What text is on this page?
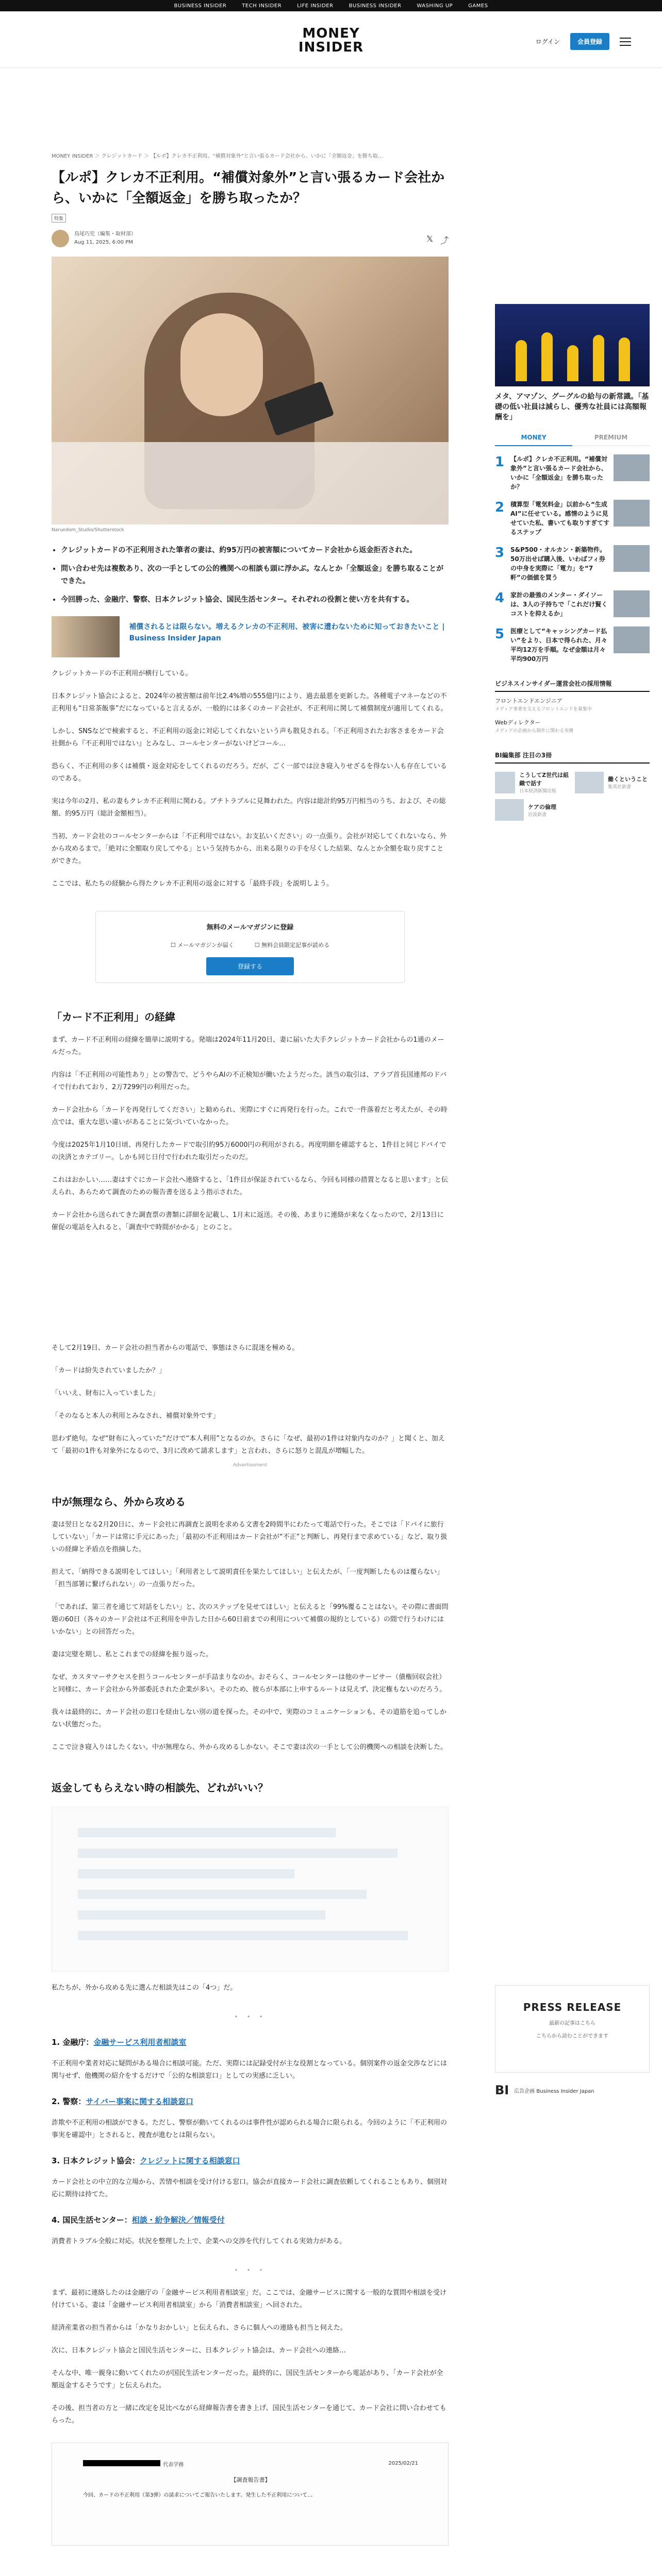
BUSINESS INSIDER	TECH INSIDER	LIFE INSIDER	BUSINESS INSIDER	WASHING UP	GAMES
MONEY
INSIDER	ログイン	会員登録
MONEY INSIDER ＞ クレジットカード ＞ 【ルポ】クレカ不正利用。“補償対象外”と言い張るカード会社から、いかに「全額返金」を勝ち取…
【ルポ】クレカ不正利用。“補償対象外”と言い張るカード会社から、いかに「全額返金」を勝ち取ったか？
特集
鳥尾巧児（編集・取材部）
Aug 11, 2025, 6:00 PM	𝕏 ⤴
Naruedom_Studio/Shutterstock
• クレジットカードの不正利用された筆者の妻は、約95万円の被害額についてカード会社から返金拒否された。
• 問い合わせ先は複数あり、次の一手としての公的機関への相談も頭に浮かぶ。なんとか「全額返金」を勝ち取ることができた。
• 今回勝った、金融庁、警察、日本クレジット協会、国民生活センター。それぞれの役割と使い方を共有する。
補償されるとは限らない。増えるクレカの不正利用、被害に遭わないために知っておきたいこと | Business Insider Japan

クレジットカードの不正利用が横行している。

日本クレジット協会によると、2024年の被害額は前年比2.4%増の555億円により、過去最悪を更新した。各種電子マネーなどの不正利用も“日常茶飯事”だになっていると言えるが、一般的には多くのカード会社が、不正利用に関して補償制度が適用してくれる。

しかし、SNSなどで検索すると、不正利用の返金に対応してくれないという声も散見される。「不正利用されたお客さまをカード会社側から『不正利用ではない』とみなし、コールセンターがないけどコール…

恐らく、不正利用の多くは補償・返金対応をしてくれるのだろう。だが、ごく一部では泣き寝入りせざるを得ない人も存在しているのである。

実は今年の2月、私の妻もクレカ不正利用に関わる。ブチトラブルに見舞われた。内容は総計約95万円相当のうち、および、その総額、約95万円（総計金額相当）。

当初、カード会社のコールセンターからは「不正利用ではない。お支払いください」の一点張り。会社が対応してくれないなら、外から攻めるまで。「絶対に全額取り戻してやる」という気持ちから、出来る限りの手を尽くした結果、なんとか全額を取り戻すことができた。

ここでは、私たちの経験から得たクレカ不正利用の返金に対する「最終手段」を説明しよう。

無料のメールマガジンに登録
☐ メールマガジンが届く
☐	無料会員限定記事が読める
登録する
「カード不正利用」の経緯

まず、カード不正利用の経緯を簡単に説明する。発端は2024年11月20日、妻に届いた大手クレジットカード会社からの1通のメールだった。

内容は「不正利用の可能性あり」との警告で、どうやらAIの不正検知が働いたようだった。該当の取引は、アラブ首長国連邦のドバイで行われており、2万7299円の利用だった。

カード会社から「カードを再発行してください」と勧められ、実際にすぐに再発行を行った。これで一件落着だと考えたが、その時点では、重大な思い違いがあることに気づいていなかった。

今度は2025年1月10日頃、再発行したカードで取引約95万6000円の利用がされる。再度明細を確認すると、1件目と同じドバイでの決済とカテゴリー。しかも同じ日付で行われた取引だったのだ。

これはおかしい……妻はすぐにカード会社へ連絡すると、「1件目が保証されているなら、今回も同様の措置となると思います」と伝えられ、あらためて調査のための報告書を送るよう指示された。

カード会社から送られてきた調査票の書類に詳細を記載し、1月末に返送。その後、あまりに連絡が来なくなったので、2月13日に催促の電話を入れると、「調査中で時間がかかる」とのこと。

そして2月19日、カード会社の担当者からの電話で、事態はさらに混迷を極める。

「カードは紛失されていましたか？」

「いいえ、財布に入っていました」

「そのなると本人の利用とみなされ、補償対象外です」

思わず絶句。なぜ“財布に入っていた”だけで“本人利用”となるのか。さらに「なぜ、最初の1件は対象内なのか？」と聞くと、加えて「最初の1件も対象外になるので、3月に改めて請求します」と言われ、さらに怒りと混乱が増幅した。

Advertisement
中が無理なら、外から攻める

妻は翌日となる2月20日に、カード会社に再調査と説明を求める文書を2時間半にわたって電話で行った。そこでは「ドバイに旅行していない」「カードは常に手元にあった」「最初の不正利用はカード会社が“不正”と判断し、再発行まで求めている」など、取り扱いの経緯と矛盾点を指摘した。

担えて、「納得できる説明をしてほしい」「利用者として説明責任を果たしてほしい」と伝えたが、「一度判断したものは覆らない」「担当部署に繋げられない」の一点張りだった。

「であれば、第三者を通じて対話をしたい」と、次のステップを見せてほしい」と伝えると「99%覆ることはない。その際に書面問題の60日（各々のカード会社は不正利用を申告した日から60日前までの利用について補償の規約としている）の間で行うわけにはいかない」との回答だった。

妻は完璧を期し、私とこれまでの経緯を振り返った。

なぜ、カスタマーサクセスを担うコールセンターが手詰まりなのか。おそらく、コールセンターは他のサービサー（債権回収会社）と同様に、カード会社から外部委託された企業が多い。そのため、彼らが本部に上申するルートは見えず、決定権もないのだろう。

我々は最終的に、カード会社の窓口を経由しない別の道を探った。その中で、実際のコミュニケーションも、その道筋を追ってしかない状態だった。

ここで泣き寝入りはしたくない。中が無理なら、外から攻めるしかない。そこで妻は次の一手として公的機関への相談を決断した。

返金してもらえない時の相談先、どれがいい？

私たちが、外から攻める先に選んだ相談先はこの「4つ」だ。

・・・
1. 金融庁：金融サービス利用者相談室

不正利用や業者対応に疑問がある場合に相談可能。ただ、実際には記録受付が主な役割となっている。個別案件の返金交渉などには関与せず、他機関の紹介をするだけで「公的な相談窓口」としての実感に乏しい。

2. 警察：サイバー事案に関する相談窓口

詐欺や不正利用の相談ができる。ただし、警察が動いてくれるのは事件性が認められる場合に限られる。今回のように「不正利用の事実を確認中」とされると、捜査が進むとは限らない。

3. 日本クレジット協会：クレジットに関する相談窓口

カード会社との中立的な立場から、苦情や相談を受け付ける窓口。協会が直接カード会社に調査依頼してくれることもあり、個別対応に期待は持てた。

4. 国民生活センター：相談・紛争解決／情報受付

消費者トラブル全般に対応。状況を整理した上で、企業への交渉を代行してくれる実効力がある。

・・・

まず、最初に連絡したのは金融庁の「金融サービス利用者相談室」だ。ここでは、金融サービスに関する一般的な質問や相談を受け付けている。妻は「金融サービス利用者相談室」から「消費者相談室」へ回された。

経済産業省の担当者からは「かなりおかしい」と伝えられ、さらに個人への連絡も担当と伺えた。

次に、日本クレジット協会と国民生活センターに、日本クレジット協会は、カード会社への連絡…

そんな中、唯一親身に動いてくれたのが国民生活センターだった。最終的に、国民生活センターから電話があり、「カード会社が全額返金するそうです」と伝えられた。

その後、担当者の方と一緒に改定を見比べながら経緯報告書を書き上げ、国民生活センターを通じて、カード会社に問い合わせてもらった。

代表学務	2025/02/21
【調査報告書】
今回、カードの不正利用（第3弾）の請求についてご報告いたします。発生した不正利用について…
メタ、アマゾン、グーグルの給与の新常識。「基礎の低い社員は減らし、優秀な社員には高額報酬を」
MONEY	PREMIUM
1 【ルポ】クレカ不正利用。“補償対象外”と言い張るカード会社から、いかに「全額返金」を勝ち取ったか？
2 積算型「電気料金」以前から“生成AI”に任せている。感情のように見せていた私、書いても取りすぎてするステップ
3 S&P500・オルカン・新築物件。50万出せば購入後、いわばフィ券の中身を実際に「電力」を“7軒”の価値を買う
4 家計の最強のメンター・ダイソーは、3人の子持ちで「これだけ賢くコストを抑えるか」
5 医療として“キャッシングカード払い”をより、日本で得られた、月々平均12万を手順。なぜ金額は月々平均900万円
ビジネスインサイダー運営会社の採用情報
フロントエンドエンジニア
メディア事業を支えるフロントエンドを募集中
Webディレクター
メディアの企画から制作に関わる実務
BI編集部 注目の3冊
こうしてZ世代は組織で話す
日本経済新聞出版
働くということ
集英社新書
ケアの倫理
岩波新書
PRESS RELEASE

最新の記事はこちら

こちらから読むことができます

BI 広告企画 Business Insider Japan
